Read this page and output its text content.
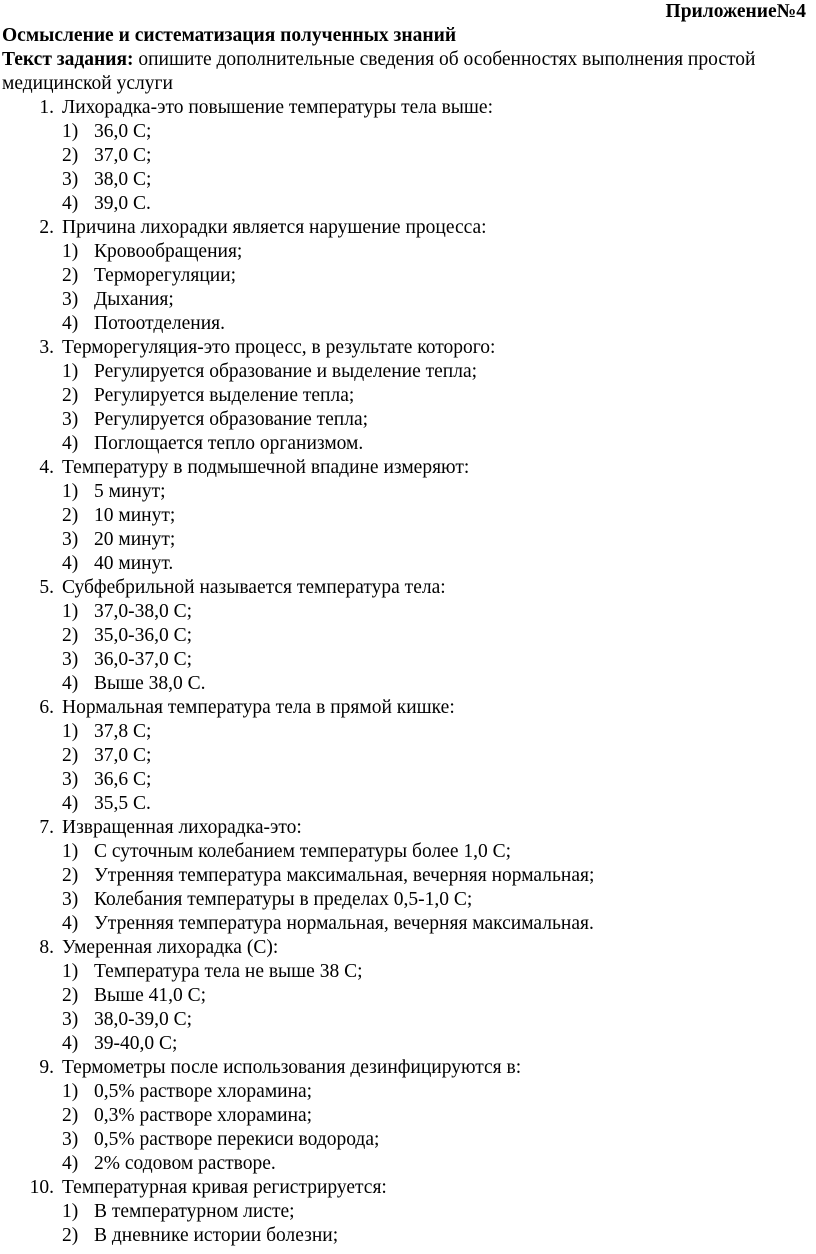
Приложение№4
Осмысление и систематизация полученных знаний
Текст задания: опишите дополнительные сведения об особенностях выполнения простой медицинской услуги
1. Лихорадка-это повышение температуры тела выше:
1) 36,0 С;
2) 37,0 С;
3) 38,0 С;
4) 39,0 С.
2. Причина лихорадки является нарушение процесса:
1) Кровообращения;
2) Терморегуляции;
3) Дыхания;
4) Потоотделения.
3. Терморегуляция-это процесс, в результате которого:
1) Регулируется образование и выделение тепла;
2) Регулируется выделение тепла;
3) Регулируется образование тепла;
4) Поглощается тепло организмом.
4. Температуру в подмышечной впадине измеряют:
1) 5 минут;
2) 10 минут;
3) 20 минут;
4) 40 минут.
5. Субфебрильной называется температура тела:
1) 37,0-38,0 С;
2) 35,0-36,0 С;
3) 36,0-37,0 С;
4) Выше 38,0 С.
6. Нормальная температура тела в прямой кишке:
1) 37,8 С;
2) 37,0 С;
3) 36,6 С;
4) 35,5 С.
7. Извращенная лихорадка-это:
1) С суточным колебанием температуры более 1,0 С;
2) Утренняя температура максимальная, вечерняя нормальная;
3) Колебания температуры в пределах 0,5-1,0 С;
4) Утренняя температура нормальная, вечерняя максимальная.
8. Умеренная лихорадка (С):
1) Температура тела не выше 38 С;
2) Выше 41,0 С;
3) 38,0-39,0 С;
4) 39-40,0 С;
9. Термометры после использования дезинфицируются в:
1) 0,5% растворе хлорамина;
2) 0,3% растворе хлорамина;
3) 0,5% растворе перекиси водорода;
4) 2% содовом растворе.
10. Температурная кривая регистрируется:
1) В температурном листе;
2) В дневнике истории болезни;
